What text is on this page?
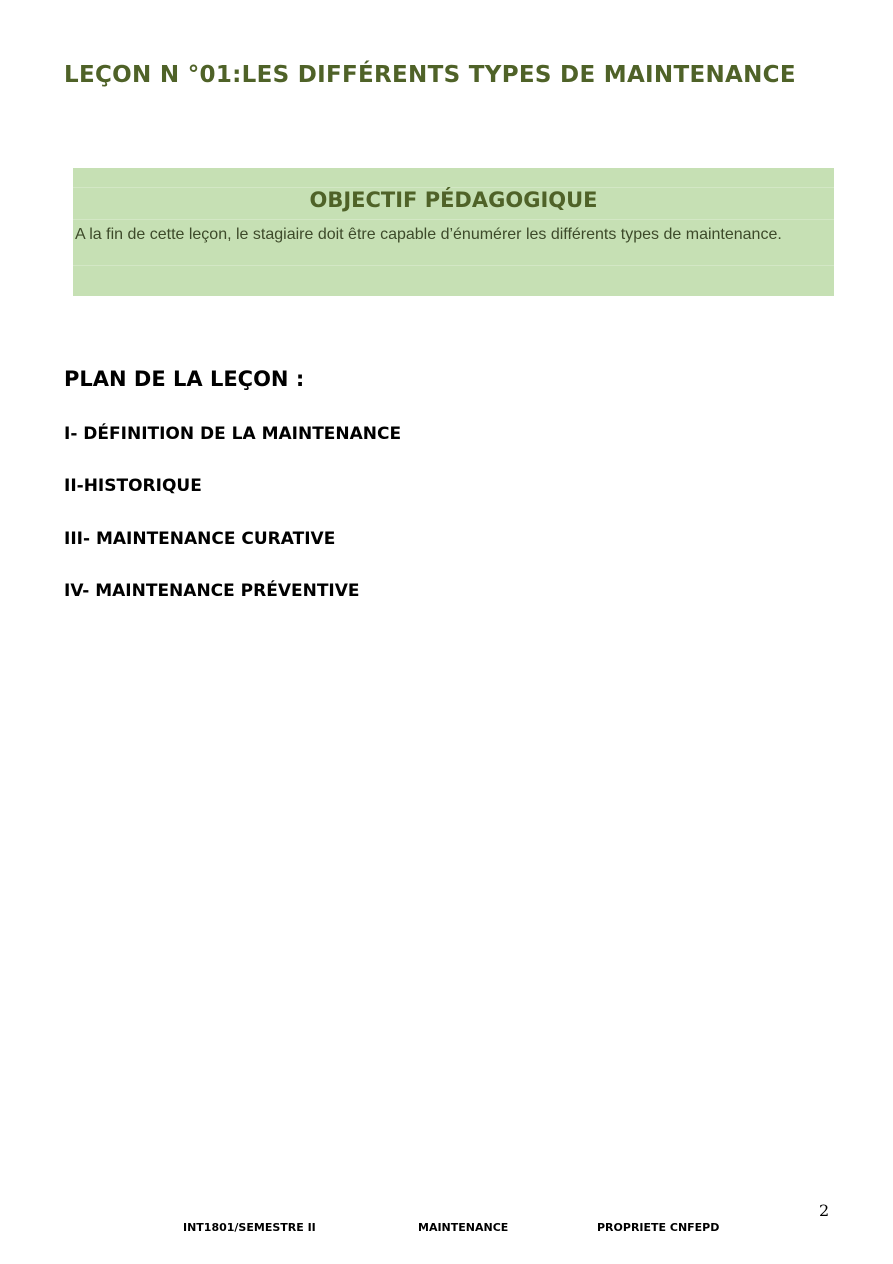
LEÇON N °01:LES DIFFÉRENTS TYPES DE MAINTENANCE
OBJECTIF PÉDAGOGIQUE

A la fin de cette leçon, le stagiaire doit être capable d’énumérer les différents types de maintenance.

PLAN DE LA LEÇON :

I- DÉFINITION DE LA MAINTENANCE

II-HISTORIQUE

III- MAINTENANCE CURATIVE

IV- MAINTENANCE PRÉVENTIVE

2
INT1801/SEMESTRE II	MAINTENANCE	PROPRIETE CNFEPD
